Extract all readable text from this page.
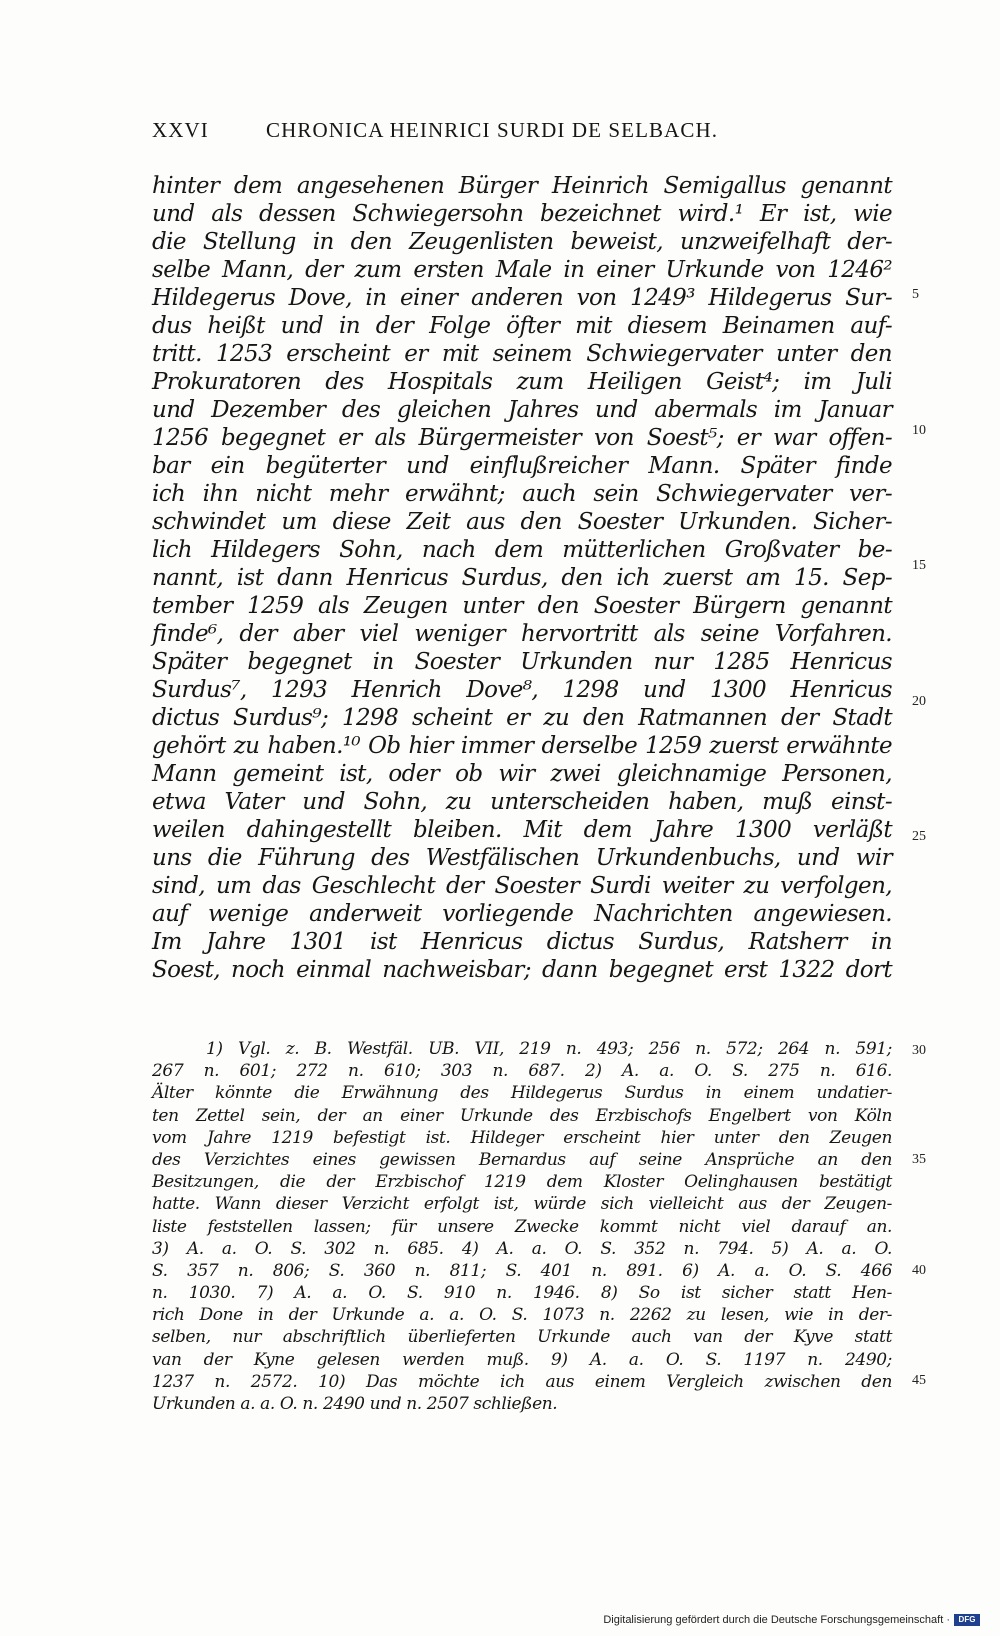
XXVI	CHRONICA HEINRICI SURDI DE SELBACH.
hinter dem angesehenen Bürger Heinrich Semigallus genannt
und als dessen Schwiegersohn bezeichnet wird.¹ Er ist, wie
die Stellung in den Zeugenlisten beweist, unzweifelhaft der-
selbe Mann, der zum ersten Male in einer Urkunde von 1246²
Hildegerus Dove, in einer anderen von 1249³ Hildegerus Sur-
dus heißt und in der Folge öfter mit diesem Beinamen auf-
tritt. 1253 erscheint er mit seinem Schwiegervater unter den
Prokuratoren des Hospitals zum Heiligen Geist⁴; im Juli
und Dezember des gleichen Jahres und abermals im Januar
1256 begegnet er als Bürgermeister von Soest⁵; er war offen-
bar ein begüterter und einflußreicher Mann. Später finde
ich ihn nicht mehr erwähnt; auch sein Schwiegervater ver-
schwindet um diese Zeit aus den Soester Urkunden. Sicher-
lich Hildegers Sohn, nach dem mütterlichen Großvater be-
nannt, ist dann Henricus Surdus, den ich zuerst am 15. Sep-
tember 1259 als Zeugen unter den Soester Bürgern genannt
finde⁶, der aber viel weniger hervortritt als seine Vorfahren.
Später begegnet in Soester Urkunden nur 1285 Henricus
Surdus⁷, 1293 Henrich Dove⁸, 1298 und 1300 Henricus
dictus Surdus⁹; 1298 scheint er zu den Ratmannen der Stadt
gehört zu haben.¹⁰ Ob hier immer derselbe 1259 zuerst erwähnte
Mann gemeint ist, oder ob wir zwei gleichnamige Personen,
etwa Vater und Sohn, zu unterscheiden haben, muß einst-
weilen dahingestellt bleiben. Mit dem Jahre 1300 verläßt
uns die Führung des Westfälischen Urkundenbuchs, und wir
sind, um das Geschlecht der Soester Surdi weiter zu verfolgen,
auf wenige anderweit vorliegende Nachrichten angewiesen.
Im Jahre 1301 ist Henricus dictus Surdus, Ratsherr in
Soest, noch einmal nachweisbar; dann begegnet erst 1322 dort
5
10
15
20
25
1) Vgl. z. B. Westfäl. UB. VII, 219 n. 493; 256 n. 572; 264 n. 591;
267 n. 601; 272 n. 610; 303 n. 687. 2) A. a. O. S. 275 n. 616.
Älter könnte die Erwähnung des Hildegerus Surdus in einem undatier-
ten Zettel sein, der an einer Urkunde des Erzbischofs Engelbert von Köln
vom Jahre 1219 befestigt ist. Hildeger erscheint hier unter den Zeugen
des Verzichtes eines gewissen Bernardus auf seine Ansprüche an den
Besitzungen, die der Erzbischof 1219 dem Kloster Oelinghausen bestätigt
hatte. Wann dieser Verzicht erfolgt ist, würde sich vielleicht aus der Zeugen-
liste feststellen lassen; für unsere Zwecke kommt nicht viel darauf an.
3) A. a. O. S. 302 n. 685. 4) A. a. O. S. 352 n. 794. 5) A. a. O.
S. 357 n. 806; S. 360 n. 811; S. 401 n. 891. 6) A. a. O. S. 466
n. 1030. 7) A. a. O. S. 910 n. 1946. 8) So ist sicher statt Hen-
rich Done in der Urkunde a. a. O. S. 1073 n. 2262 zu lesen, wie in der-
selben, nur abschriftlich überlieferten Urkunde auch van der Kyve statt
van der Kyne gelesen werden muß. 9) A. a. O. S. 1197 n. 2490;
1237 n. 2572. 10) Das möchte ich aus einem Vergleich zwischen den
Urkunden a. a. O. n. 2490 und n. 2507 schließen.
30
35
40
45
Digitalisierung gefördert durch die Deutsche Forschungsgemeinschaft ·	DFG
